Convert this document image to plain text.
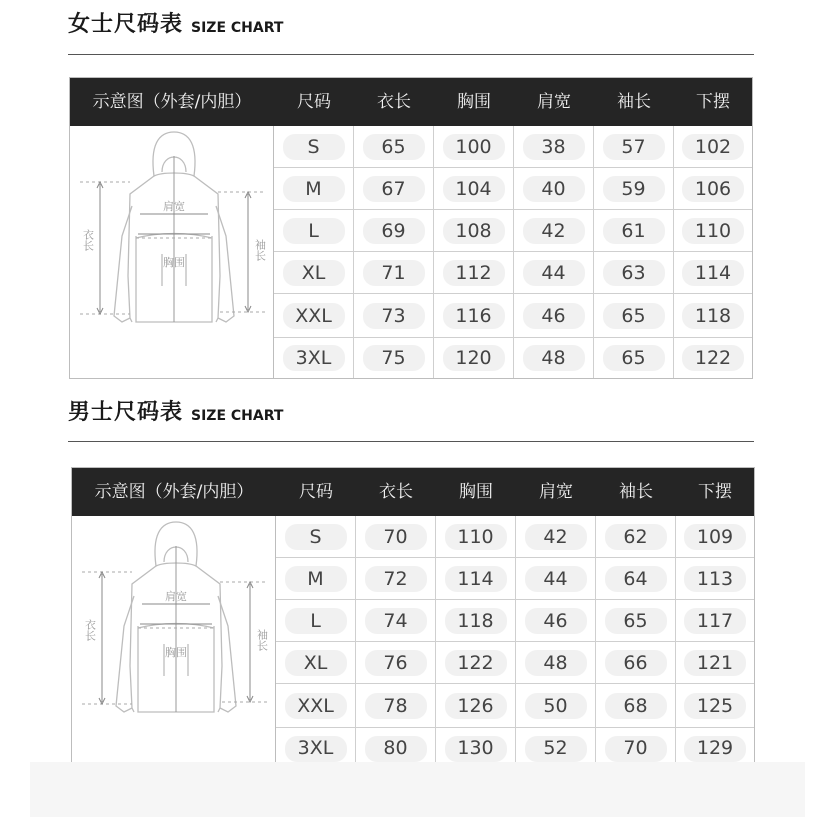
女士尺码表 SIZE CHART
示意图（外套/内胆）	尺码	衣长	胸围	肩宽	袖长	下摆
肩宽
胸围
衣长	袖长
S	65	100	38	57	102
M	67	104	40	59	106
L	69	108	42	61	110
XL	71	112	44	63	114
XXL	73	116	46	65	118
3XL	75	120	48	65	122
男士尺码表 SIZE CHART
示意图（外套/内胆）	尺码	衣长	胸围	肩宽	袖长	下摆
肩宽
胸围
衣长	袖长
S	70	110	42	62	109
M	72	114	44	64	113
L	74	118	46	65	117
XL	76	122	48	66	121
XXL	78	126	50	68	125
3XL	80	130	52	70	129
